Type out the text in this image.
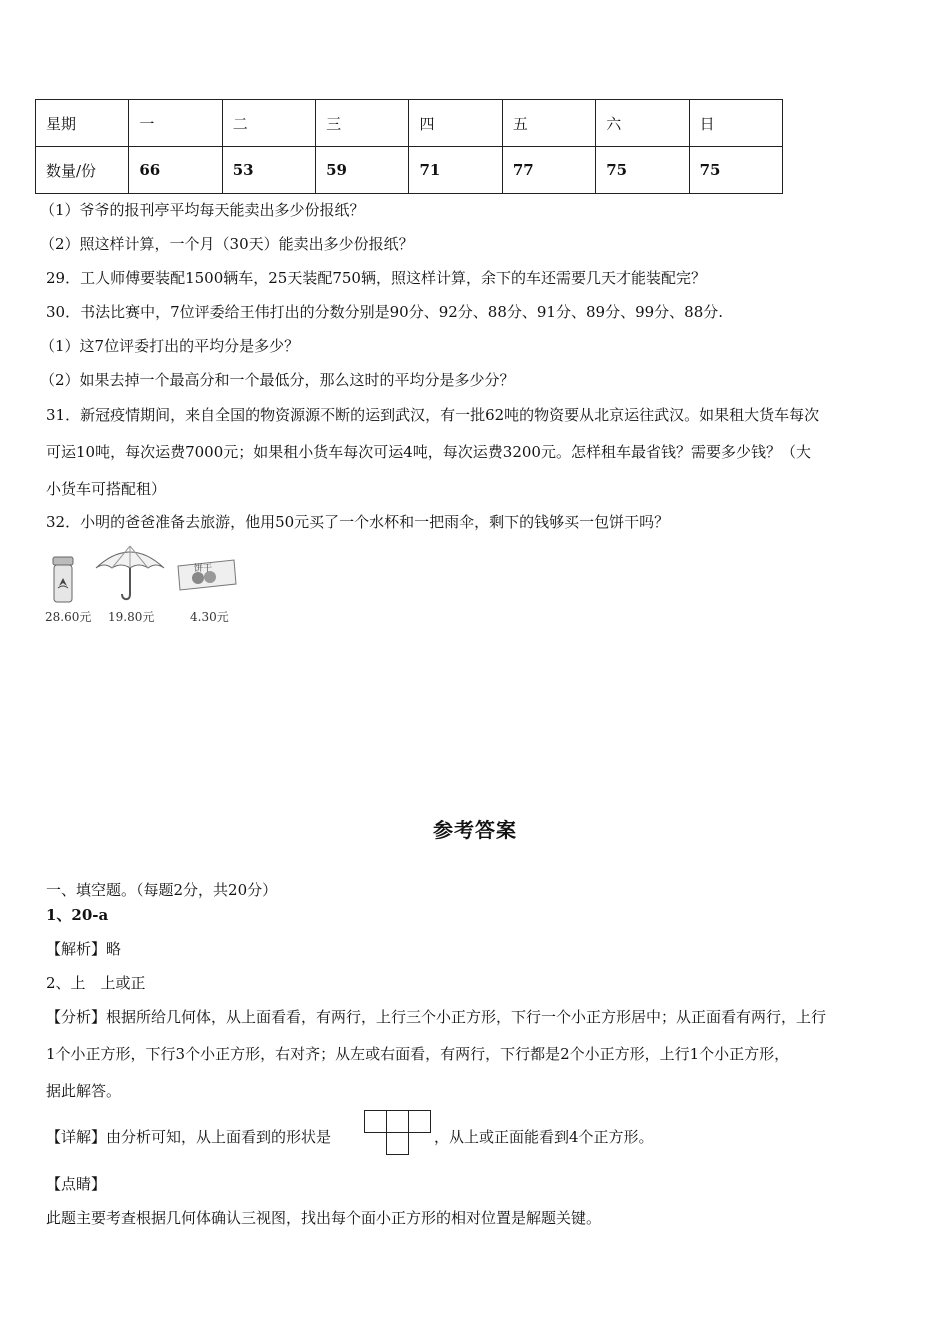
星期	一	二	三	四	五	六	日
数量/份	66	53	59	71	77	75	75
（1）爷爷的报刊亭平均每天能卖出多少份报纸？
（2）照这样计算，一个月（30天）能卖出多少份报纸？
29．工人师傅要装配1500辆车，25天装配750辆，照这样计算，余下的车还需要几天才能装配完？
30．书法比赛中，7位评委给王伟打出的分数分别是90分、92分、88分、91分、89分、99分、88分.
（1）这7位评委打出的平均分是多少？
（2）如果去掉一个最高分和一个最低分，那么这时的平均分是多少分？
31．新冠疫情期间，来自全国的物资源源不断的运到武汉，有一批62吨的物资要从北京运往武汉。如果租大货车每次
可运10吨，每次运费7000元；如果租小货车每次可运4吨，每次运费3200元。怎样租车最省钱？需要多少钱？（大
小货车可搭配租）
32．小明的爸爸准备去旅游，他用50元买了一个水杯和一把雨伞，剩下的钱够买一包饼干吗？
饼干
28.60元 19.80元	4.30元
参考答案
一、填空题。（每题2分，共20分）
1、20-a
【解析】略
2、上　上或正
【分析】根据所给几何体，从上面看看，有两行，上行三个小正方形，下行一个小正方形居中；从正面看有两行，上行
1个小正方形，下行3个小正方形，右对齐；从左或右面看，有两行，下行都是2个小正方形，上行1个小正方形，
据此解答。
【详解】由分析可知，从上面看到的形状是	，从上或正面能看到4个正方形。
【点睛】
此题主要考查根据几何体确认三视图，找出每个面小正方形的相对位置是解题关键。
